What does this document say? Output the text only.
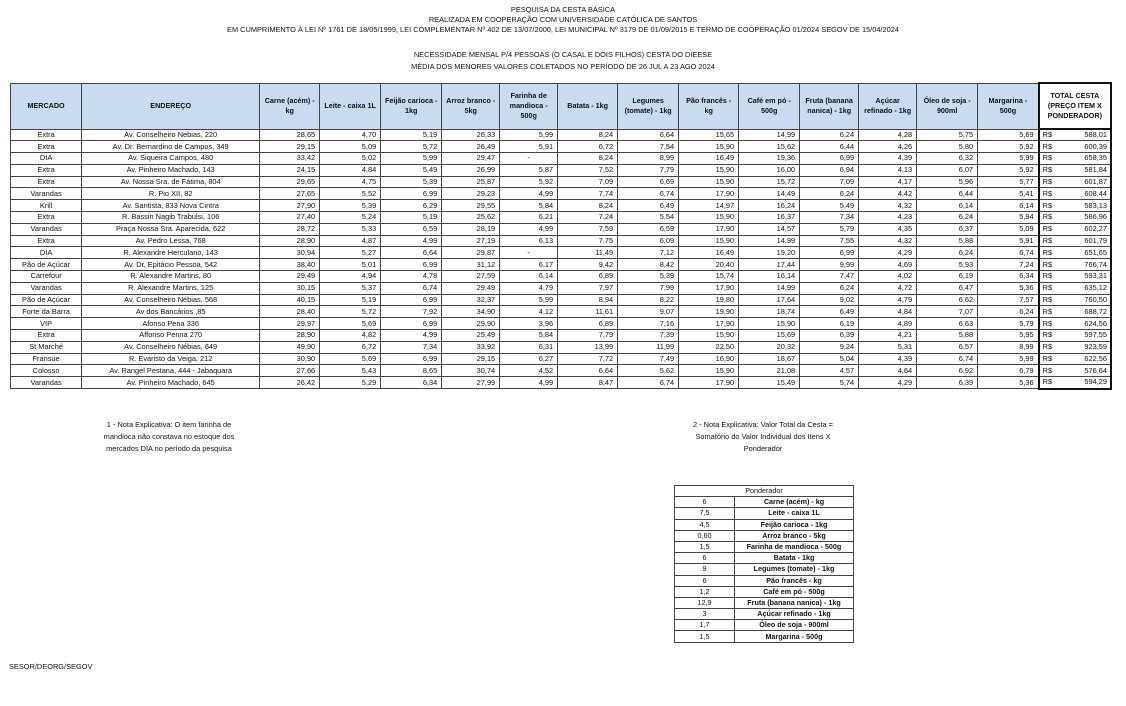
PESQUISA DA CESTA BÁSICA
REALIZADA EM COOPERAÇÃO COM UNIVERSIDADE CATÓLICA DE SANTOS
EM CUMPRIMENTO À LEI Nº 1761 DE 18/05/1999, LEI COMPLEMENTAR Nº 402 DE 13/07/2000, LEI MUNICIPAL Nº 3179 DE 01/09/2015 E TERMO DE COOPERAÇÃO 01/2024 SEGOV DE 15/04/2024
NECESSIDADE MENSAL P/4 PESSOAS (O CASAL E DOIS FILHOS) CESTA DO DIEESE
MÉDIA DOS MENORES VALORES COLETADOS NO PERÍODO DE 26 JUL A 23 AGO 2024
MERCADO	ENDEREÇO	Carne (acém) - kg	Leite - caixa 1L	Feijão carioca - 1kg	Arroz branco - 5kg	Farinha de mandioca - 500g	Batata - 1kg	Legumes (tomate) - 1kg	Pão francês - kg	Café em pó - 500g	Fruta (banana nanica) - 1kg	Açúcar refinado - 1kg	Óleo de soja - 900ml	Margarina - 500g	TOTAL CESTA (PREÇO ITEM X PONDERADOR)
Extra	Av. Conselheiro Nebias, 220	28,65	4,70	5,19	26,33	5,99	8,24	6,64	15,65	14,99	6,24	4,28	5,75	5,69	R$ 588,01

Extra	Av. Dr. Bernardino de Campos, 349	29,15	5,09	5,72	26,49	5,91	6,72	7,54	15,90	15,62	6,44	4,26	5,80	5,92	R$ 600,39

DIA	Av. Siqueira Campos, 480	33,42	5,02	5,99	29,47	-	8,24	8,99	16,49	19,36	6,99	4,39	6,32	5,99	R$ 658,35

Extra	Av. Pinheiro Machado, 143	24,15	4,84	5,49	26,99	5,87	7,52	7,79	15,90	16,00	6,94	4,13	6,07	5,92	R$ 581,84

Extra	Av. Nossa Sra. de Fátima, 804	29,65	4,75	5,39	25,87	5,92	7,09	6,69	15,90	15,72	7,09	4,17	5,96	5,77	R$ 601,87

Varandas	R. Pio XII, 82	27,65	5,52	6,99	29,23	4,99	7,74	6,74	17,90	14,49	6,24	4,42	6,44	5,41	R$ 608,44

Krill	Av. Santista, 833 Nova Cintra	27,90	5,39	6,29	29,55	5,84	8,24	6,49	14,97	16,24	5,49	4,32	6,14	6,14	R$ 583,13

Extra	R. Bassin Nagib Trabulsi, 106	27,40	5,24	5,19	25,62	6,21	7,24	5,54	15,90	16,37	7,34	4,23	6,24	5,94	R$ 586,96

Varandas	Praça Nossa Sra. Aparecida, 622	28,72	5,33	6,59	28,19	4,99	7,59	6,59	17,90	14,57	5,79	4,35	6,37	5,09	R$ 602,27

Extra	Av. Pedro Lessa, 768	28,90	4,87	4,99	27,19	6,13	7,75	6,09	15,90	14,99	7,55	4,32	5,88	5,91	R$ 601,79

DIA	R. Alexandre Herculano, 143	30,94	5,27	6,64	29,87	-	11,49	7,12	16,49	19,20	6,99	4,29	6,24	6,74	R$ 651,65

Pão de Açúcar	Av. Dr. Epitácio Pessoa, 542	38,40	5,01	6,99	31,12	6,17	9,42	8,42	20,40	17,44	9,99	4,69	5,93	7,24	R$ 766,74

Carrefour	R. Alexandre Martins, 80	29,49	4,94	4,78	27,59	6,14	6,89	5,39	15,74	16,14	7,47	4,02	6,19	6,34	R$ 593,31

Varandas	R. Alexandre Martins, 125	30,15	5,37	6,74	29,49	4,79	7,97	7,99	17,90	14,99	6,24	4,72	6,47	5,36	R$ 635,12

Pão de Açúcar	Av. Conselheiro Nébias, 568	40,15	5,19	6,99	32,37	5,99	8,94	8,22	19,80	17,64	9,02	4,79	6,62	7,57	R$ 760,50

Forte da Barra	Av dos Bancários ,85	28,40	5,72	7,92	34,90	4,12	11,61	9,07	19,90	18,74	6,49	4,84	7,07	6,24	R$ 688,72

VIP	Afonso Pena 336	29,97	5,69	6,99	29,90	3,96	6,89	7,16	17,90	15,90	6,19	4,89	6,63	5,79	R$ 624,56

Extra	Affonso Penna 270	28,90	4,82	4,99	25,49	5,84	7,79	7,39	15,90	15,69	6,39	4,21	5,88	5,95	R$ 597,55

St Marché	Av. Conselheiro Nébias, 649	49,90	6,72	7,34	33,92	6,31	13,99	11,99	22,50	20,32	9,24	5,31	6,57	8,99	R$ 923,59

Fransue	R. Evaristo da Veiga, 212	30,90	5,69	6,99	29,15	6,27	7,72	7,49	16,90	18,67	5,04	4,39	6,74	5,99	R$ 622,56

Colosso	Av. Rangel Pestana, 444 - Jabaquara	27,66	5,43	8,65	30,74	4,52	6,64	5,62	15,90	21,08	4,57	4,64	6,92	6,79	R$ 576,64

Varandas	Av. Pinheiro Machado, 645	26,42	5,29	6,34	27,99	4,99	8,47	6,74	17,90	15,49	5,74	4,29	6,39	5,36	R$ 594,29
1 - Nota Explicativa: O item farinha de
mandioca não constava no estoque dos
mercados DIA no período da pesquisa
2 - Nota Explicativa: Valor Total da Cesta =
Somatório do Valor Individual dos Itens X
Ponderador
Ponderador	
6	Carne (acém) - kg
7,5	Leite - caixa 1L
4,5	Feijão carioca - 1kg
0,60	Arroz branco - 5kg
1,5	Farinha de mandioca - 500g
6	Batata - 1kg
9	Legumes (tomate) - 1kg
6	Pão francês - kg
1,2	Café em pó - 500g
12,9	Fruta (banana nanica) - 1kg
3	Açúcar refinado - 1kg
1,7	Óleo de soja - 900ml
1,5	Margarina - 500g
SESOR/DEORG/SEGOV
